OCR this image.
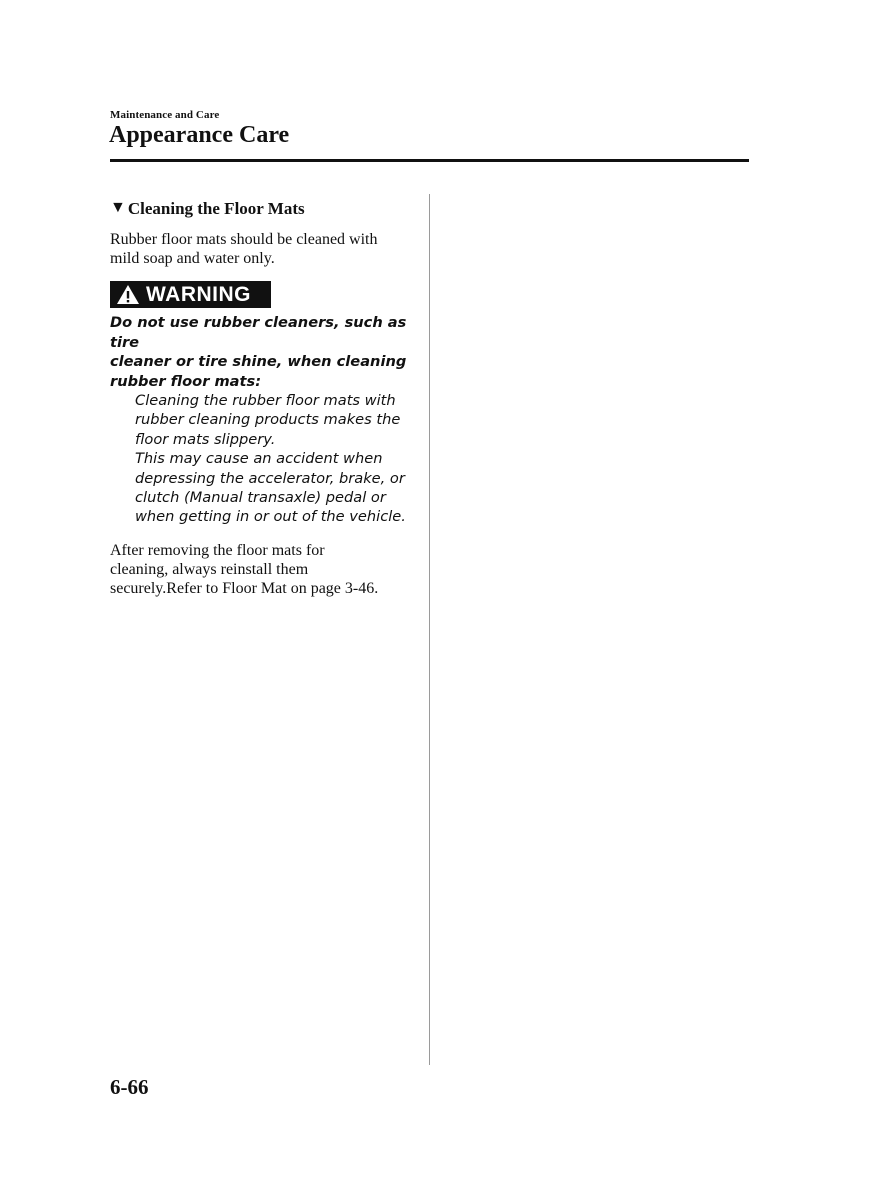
Maintenance and Care
Appearance Care
▼ Cleaning the Floor Mats

Rubber floor mats should be cleaned with
mild soap and water only.

WARNING

Do not use rubber cleaners, such as tire
cleaner or tire shine, when cleaning
rubber floor mats:

Cleaning the rubber floor mats with
rubber cleaning products makes the
floor mats slippery.
This may cause an accident when
depressing the accelerator, brake, or
clutch (Manual transaxle) pedal or
when getting in or out of the vehicle.

After removing the floor mats for
cleaning, always reinstall them
securely.Refer to Floor Mat on page 3-46.

6-66
